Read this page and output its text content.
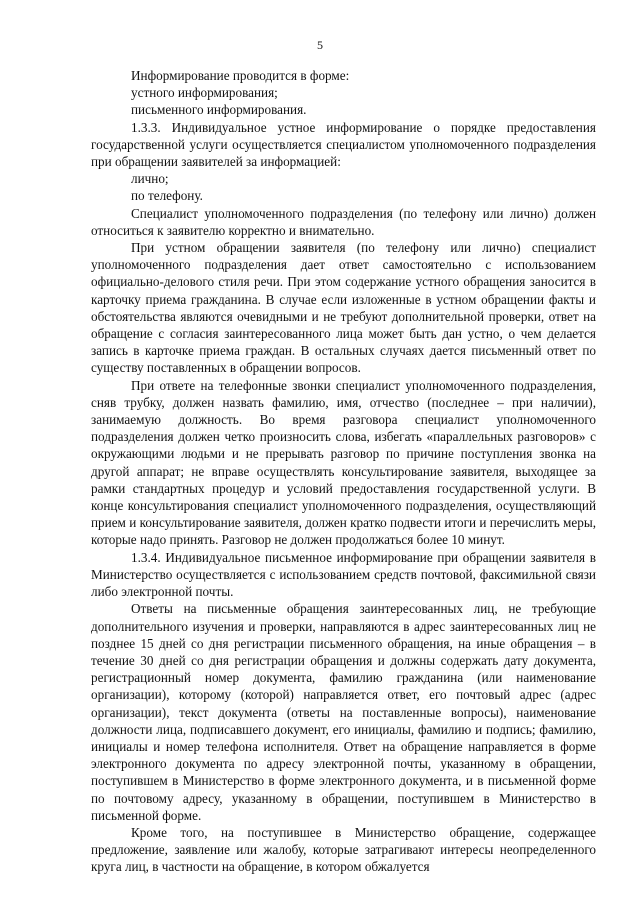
5

Информирование проводится в форме:

устного информирования;

письменного информирования.

1.3.3. Индивидуальное устное информирование о порядке предоставления государственной услуги осуществляется специалистом уполномоченного подразделения при обращении заявителей за информацией:

лично;

по телефону.

Специалист уполномоченного подразделения (по телефону или лично) должен относиться к заявителю корректно и внимательно.

При устном обращении заявителя (по телефону или лично) специалист уполномоченного подразделения дает ответ самостоятельно с использованием официально-делового стиля речи. При этом содержание устного обращения заносится в карточку приема гражданина. В случае если изложенные в устном обращении факты и обстоятельства являются очевидными и не требуют дополнительной проверки, ответ на обращение с согласия заинтересованного лица может быть дан устно, о чем делается запись в карточке приема граждан. В остальных случаях дается письменный ответ по существу поставленных в обращении вопросов.

При ответе на телефонные звонки специалист уполномоченного подразделения, сняв трубку, должен назвать фамилию, имя, отчество (последнее – при наличии), занимаемую должность. Во время разговора специалист уполномоченного подразделения должен четко произносить слова, избегать «параллельных разговоров» с окружающими людьми и не прерывать разговор по причине поступления звонка на другой аппарат; не вправе осуществлять консультирование заявителя, выходящее за рамки стандартных процедур и условий предоставления государственной услуги. В конце консультирования специалист уполномоченного подразделения, осуществляющий прием и консультирование заявителя, должен кратко подвести итоги и перечислить меры, которые надо принять. Разговор не должен продолжаться более 10 минут.

1.3.4. Индивидуальное письменное информирование при обращении заявителя в Министерство осуществляется с использованием средств почтовой, факсимильной связи либо электронной почты.

Ответы на письменные обращения заинтересованных лиц, не требующие дополнительного изучения и проверки, направляются в адрес заинтересованных лиц не позднее 15 дней со дня регистрации письменного обращения, на иные обращения – в течение 30 дней со дня регистрации обращения и должны содержать дату документа, регистрационный номер документа, фамилию гражданина (или наименование организации), которому (которой) направляется ответ, его почтовый адрес (адрес организации), текст документа (ответы на поставленные вопросы), наименование должности лица, подписавшего документ, его инициалы, фамилию и подпись; фамилию, инициалы и номер телефона исполнителя. Ответ на обращение направляется в форме электронного документа по адресу электронной почты, указанному в обращении, поступившем в Министерство в форме электронного документа, и в письменной форме по почтовому адресу, указанному в обращении, поступившем в Министерство в письменной форме.

Кроме того, на поступившее в Министерство обращение, содержащее предложение, заявление или жалобу, которые затрагивают интересы неопределенного круга лиц, в частности на обращение, в котором обжалуется
